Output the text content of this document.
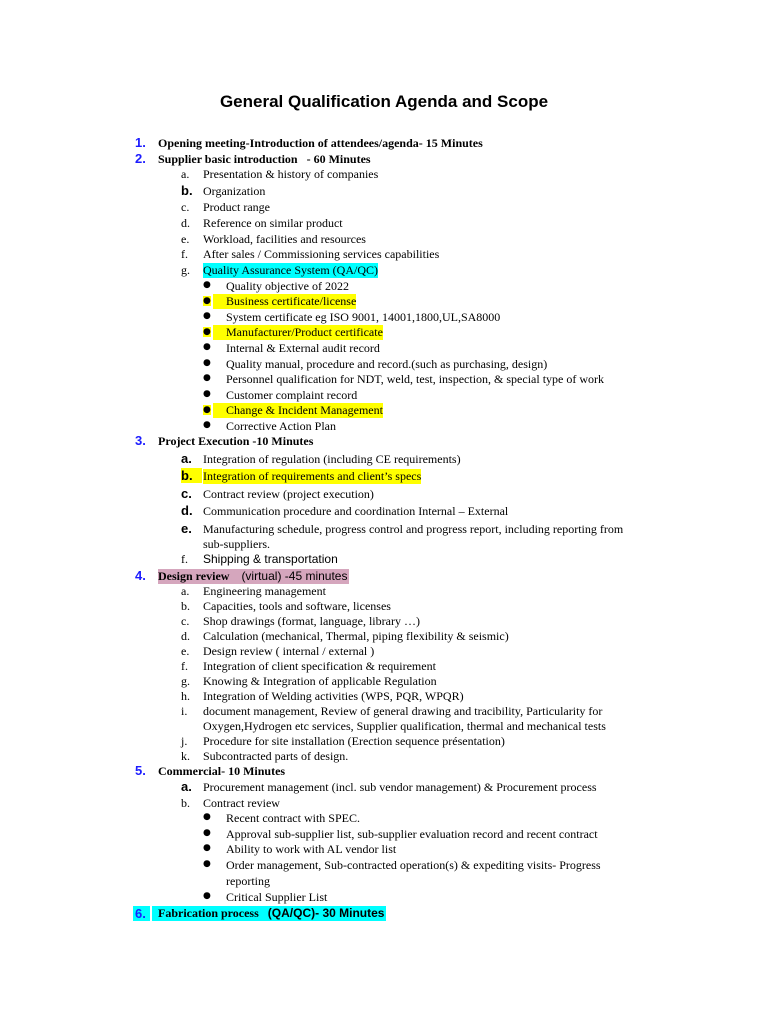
General Qualification Agenda and Scope
1. Opening meeting-Introduction of attendees/agenda- 15 Minutes
2. Supplier basic introduction - 60 Minutes
a. Presentation & history of companies
b. Organization
c. Product range
d. Reference on similar product
e. Workload, facilities and resources
f. After sales / Commissioning services capabilities
g. Quality Assurance System (QA/QC)
● Quality objective of 2022
●	Business certificate/license
● System certificate eg ISO 9001, 14001,1800,UL,SA8000
●	Manufacturer/Product certificate
● Internal & External audit record
● Quality manual, procedure and record.(such as purchasing, design)
● Personnel qualification for NDT, weld, test, inspection, & special type of work
● Customer complaint record
●	Change & Incident Management
● Corrective Action Plan
3. Project Execution -10 Minutes
a. Integration of regulation (including CE requirements)
b. Integration of requirements and client’s specs
c. Contract review (project execution)
d. Communication procedure and coordination Internal – External
e. Manufacturing schedule, progress control and progress report, including reporting from
sub-suppliers.
f. Shipping & transportation
4. Design review (virtual) -45 minutes
a. Engineering management
b. Capacities, tools and software, licenses
c. Shop drawings (format, language, library …)
d. Calculation (mechanical, Thermal, piping flexibility & seismic)
e. Design review ( internal / external )
f. Integration of client specification & requirement
g. Knowing & Integration of applicable Regulation
h. Integration of Welding activities (WPS, PQR, WPQR)
i. document management, Review of general drawing and tracibility, Particularity for
Oxygen,Hydrogen etc services, Supplier qualification, thermal and mechanical tests
j. Procedure for site installation (Erection sequence présentation)
k. Subcontracted parts of design.
5. Commercial- 10 Minutes
a. Procurement management (incl. sub vendor management) & Procurement process
b. Contract review
● Recent contract with SPEC.
● Approval sub-supplier list, sub-supplier evaluation record and recent contract
● Ability to work with AL vendor list
● Order management, Sub-contracted operation(s) & expediting visits- Progress
reporting
● Critical Supplier List
6.	Fabrication process (QA/QC)- 30 Minutes
